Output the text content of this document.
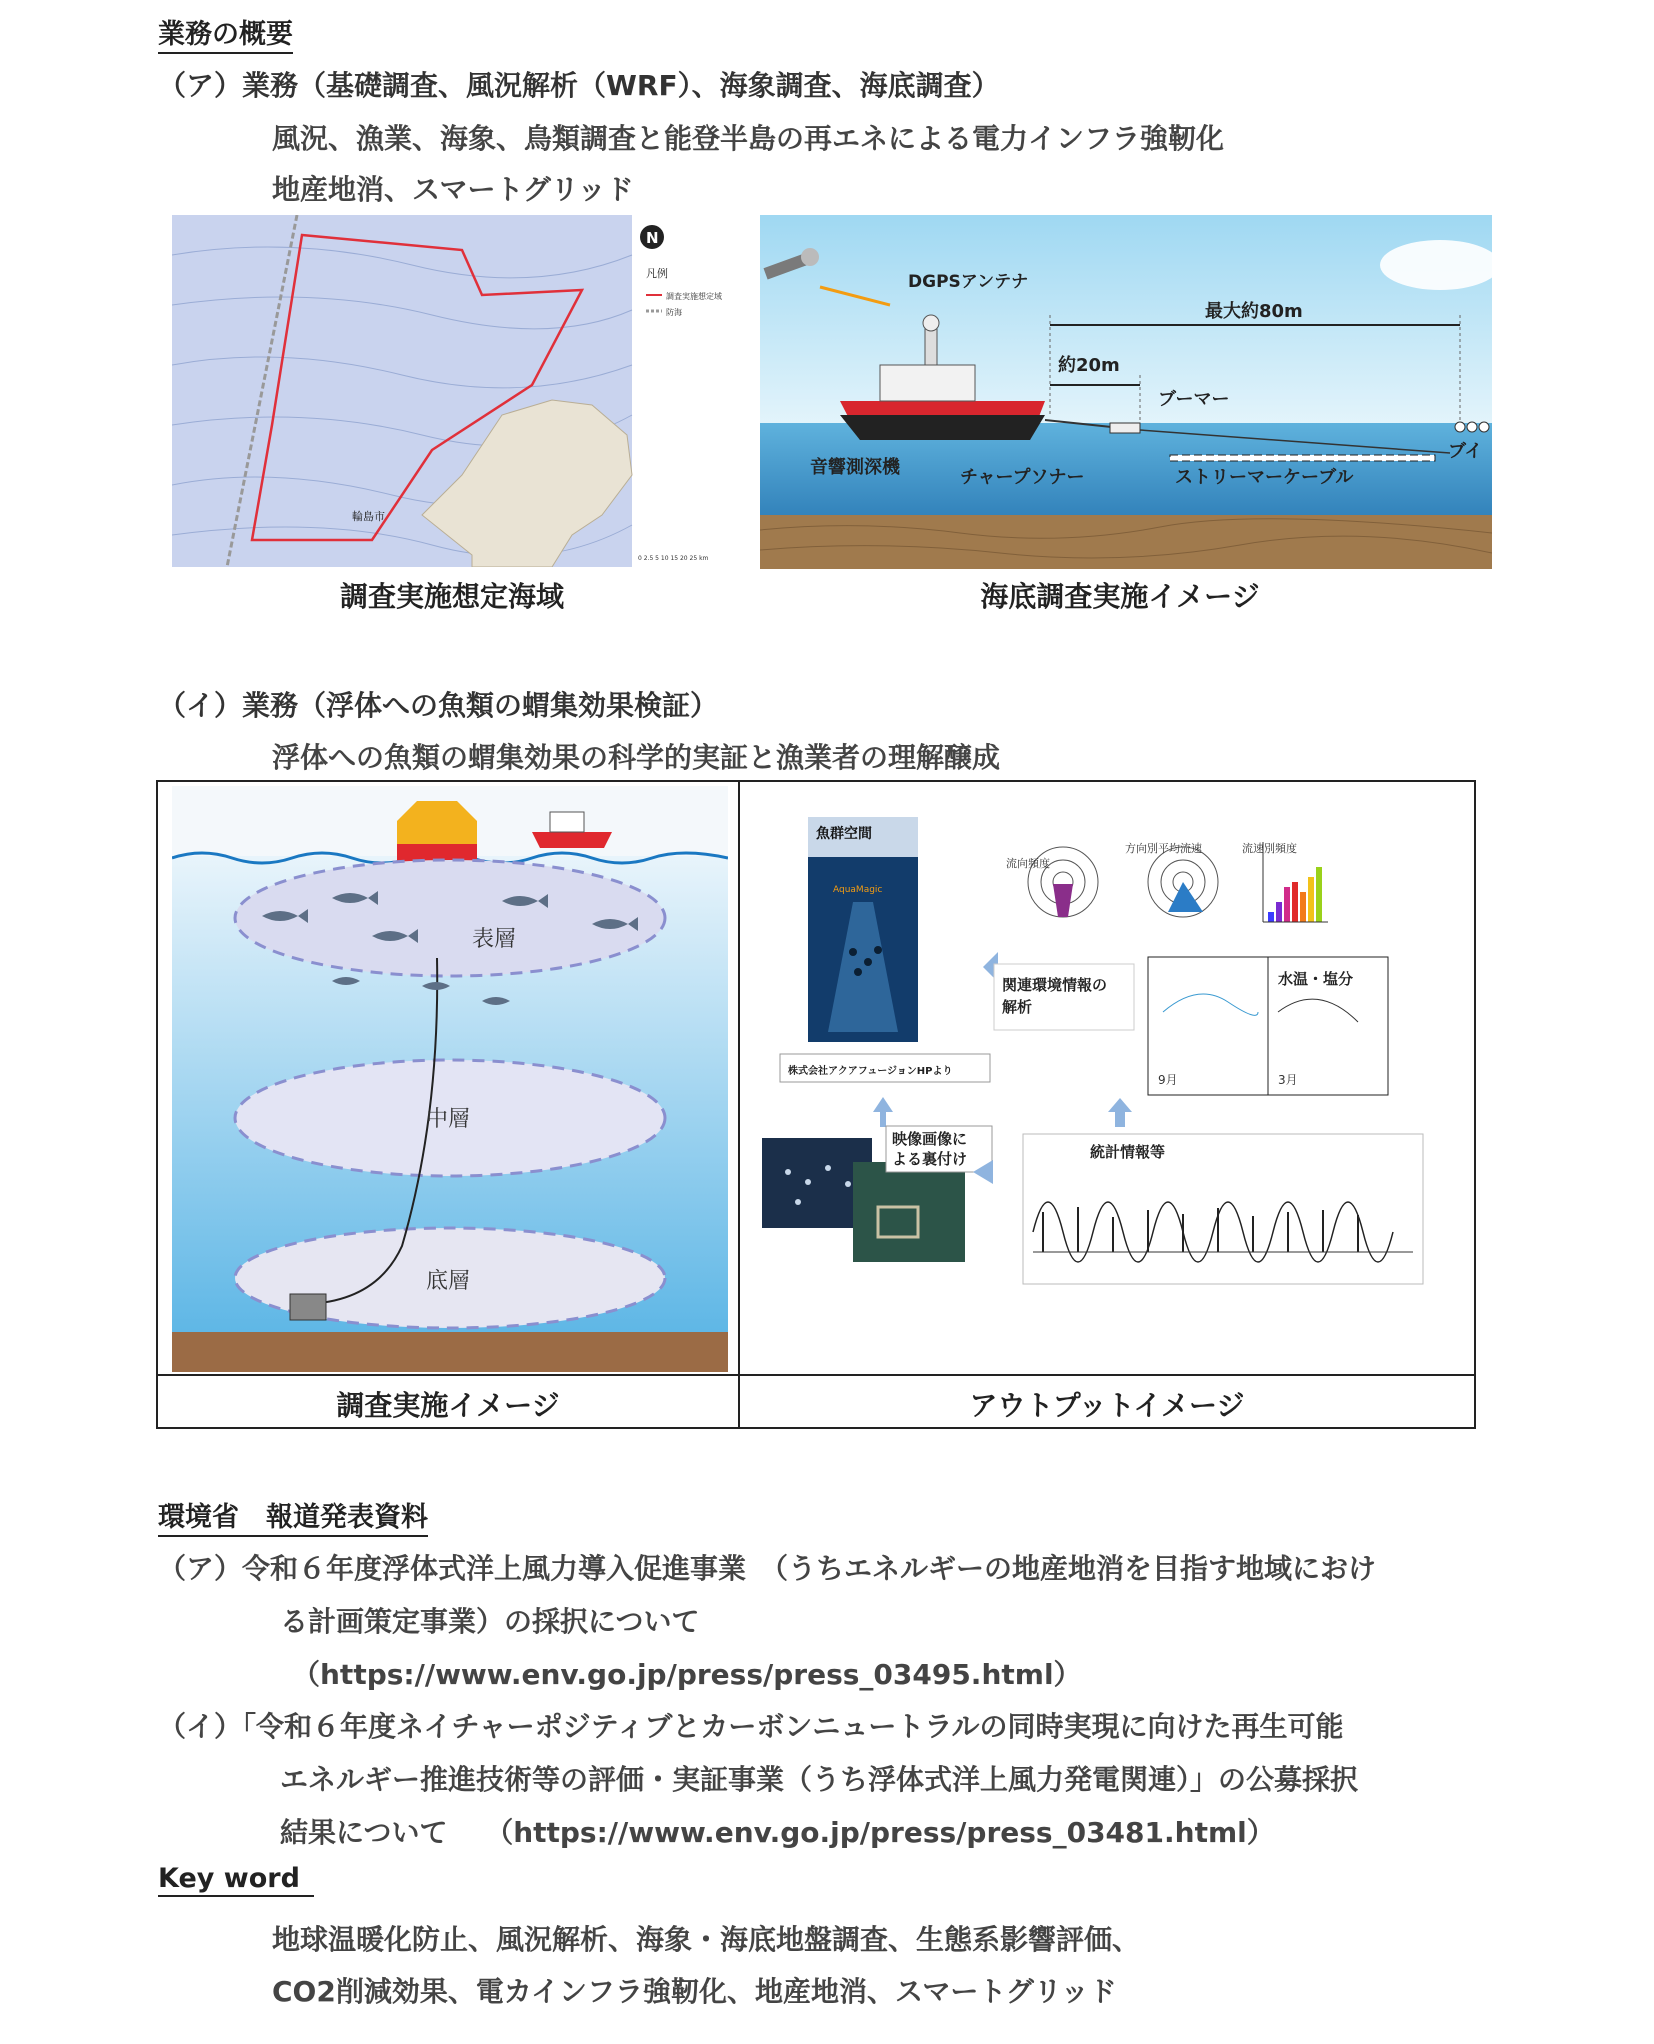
業務の概要
（ア）業務（基礎調査、風況解析（WRF）、海象調査、海底調査）
風況、漁業、海象、鳥類調査と能登半島の再エネによる電力インフラ強靭化
地産地消、スマートグリッド
輪島市
N
凡例
調査実施想定域
防海
0 2.5 5 10 15 20 25 km
調査実施想定海域
DGPSアンテナ
最大約80m
約20m
ブーマー
ブイ
音響測深機	チャープソナー	ストリーマーケーブル
海底調査実施イメージ
（イ）業務（浮体への魚類の蝟集効果検証）
浮体への魚類の蝟集効果の科学的実証と漁業者の理解醸成
表層
中層
底層
魚群空間
AquaMagic
株式会社アクアフュージョンHPより
映像画像に
よる裏付け
流向頻度
方向別平均流速	流速別頻度
関連環境情報の
解析
水温・塩分
9月	3月
統計情報等
調査実施イメージ	アウトプットイメージ
環境省　報道発表資料
（ア）令和６年度浮体式洋上風力導入促進事業　（うちエネルギーの地産地消を目指す地域におけ
る計画策定事業）の採択について
（https://www.env.go.jp/press/press_03495.html）
（イ）「令和６年度ネイチャーポジティブとカーボンニュートラルの同時実現に向けた再生可能
エネルギー推進技術等の評価・実証事業（うち浮体式洋上風力発電関連）」の公募採択
結果について　 （https://www.env.go.jp/press/press_03481.html）
Key word
地球温暖化防止、風況解析、海象・海底地盤調査、生態系影響評価、
CO2削減効果、電カインフラ強靭化、地産地消、スマートグリッド
